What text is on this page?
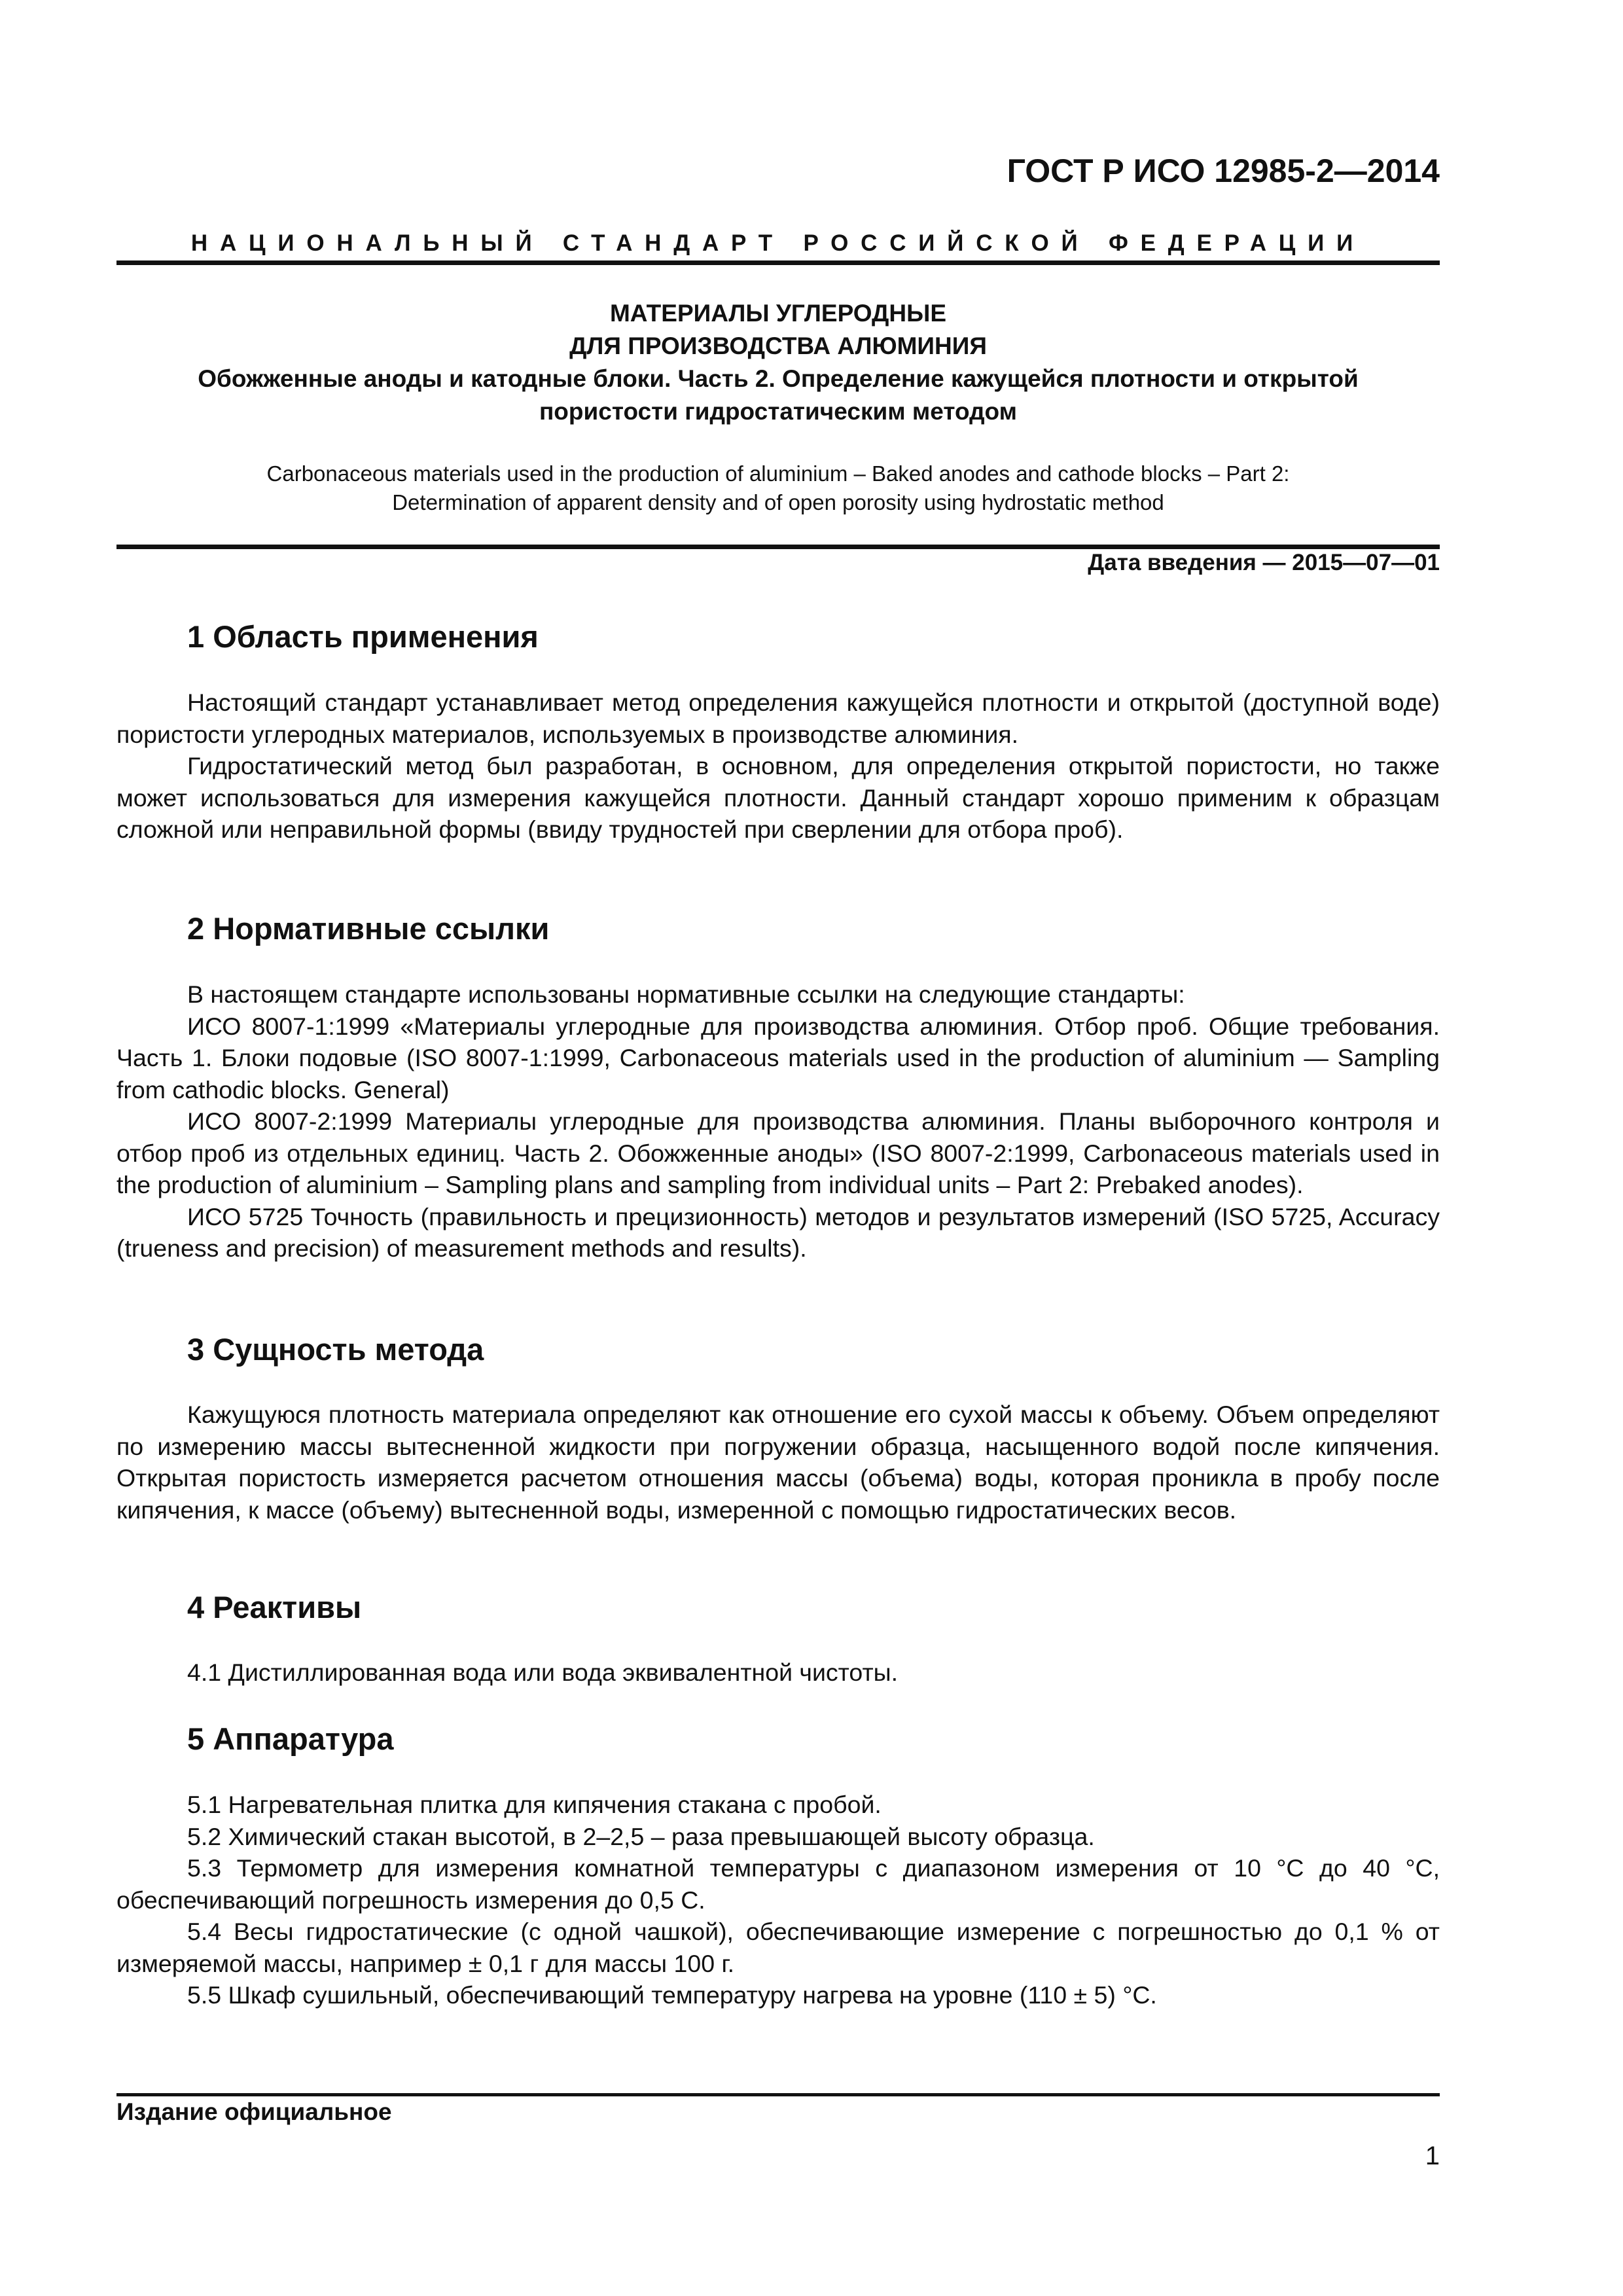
ГОСТ Р ИСО 12985-2—2014
НАЦИОНАЛЬНЫЙ СТАНДАРТ РОССИЙСКОЙ ФЕДЕРАЦИИ
МАТЕРИАЛЫ УГЛЕРОДНЫЕ
ДЛЯ ПРОИЗВОДСТВА АЛЮМИНИЯ
Обожженные аноды и катодные блоки. Часть 2. Определение кажущейся плотности и открытой
пористости гидростатическим методом
Carbonaceous materials used in the production of aluminium – Baked anodes and cathode blocks – Part 2:
Determination of apparent density and of open porosity using hydrostatic method
Дата введения — 2015—07—01
1 Область применения

Настоящий стандарт устанавливает метод определения кажущейся плотности и открытой (доступной воде) пористости углеродных материалов, используемых в производстве алюминия.

Гидростатический метод был разработан, в основном, для определения открытой пористости, но также может использоваться для измерения кажущейся плотности. Данный стандарт хорошо применим к образцам сложной или неправильной формы (ввиду трудностей при сверлении для отбора проб).

2 Нормативные ссылки

В настоящем стандарте использованы нормативные ссылки на следующие стандарты:

ИСО 8007-1:1999 «Материалы углеродные для производства алюминия. Отбор проб. Общие требования. Часть 1. Блоки подовые (ISO 8007-1:1999, Carbonaceous materials used in the production of aluminium — Sampling from cathodic blocks. General)

ИСО 8007-2:1999 Материалы углеродные для производства алюминия. Планы выборочного контроля и отбор проб из отдельных единиц. Часть 2. Обожженные аноды» (ISO 8007-2:1999, Carbonaceous materials used in the production of aluminium – Sampling plans and sampling from individual units – Part 2: Prebaked anodes).

ИСО 5725 Точность (правильность и прецизионность) методов и результатов измерений (ISO 5725, Accuracy (trueness and precision) of measurement methods and results).

3 Сущность метода

Кажущуюся плотность материала определяют как отношение его сухой массы к объему. Объем определяют по измерению массы вытесненной жидкости при погружении образца, насыщенного водой после кипячения. Открытая пористость измеряется расчетом отношения массы (объема) воды, которая проникла в пробу после кипячения, к массе (объему) вытесненной воды, измеренной с помощью гидростатических весов.

4 Реактивы

4.1 Дистиллированная вода или вода эквивалентной чистоты.

5 Аппаратура

5.1 Нагревательная плитка для кипячения стакана с пробой.

5.2 Химический стакан высотой, в 2–2,5 – раза превышающей высоту образца.

5.3 Термометр для измерения комнатной температуры с диапазоном измерения от 10 °С до 40 °С, обеспечивающий погрешность измерения до 0,5 С.

5.4 Весы гидростатические (с одной чашкой), обеспечивающие измерение с погрешностью до 0,1 % от измеряемой массы, например ± 0,1 г для массы 100 г.

5.5 Шкаф сушильный, обеспечивающий температуру нагрева на уровне (110 ± 5) °С.

Издание официальное
1
